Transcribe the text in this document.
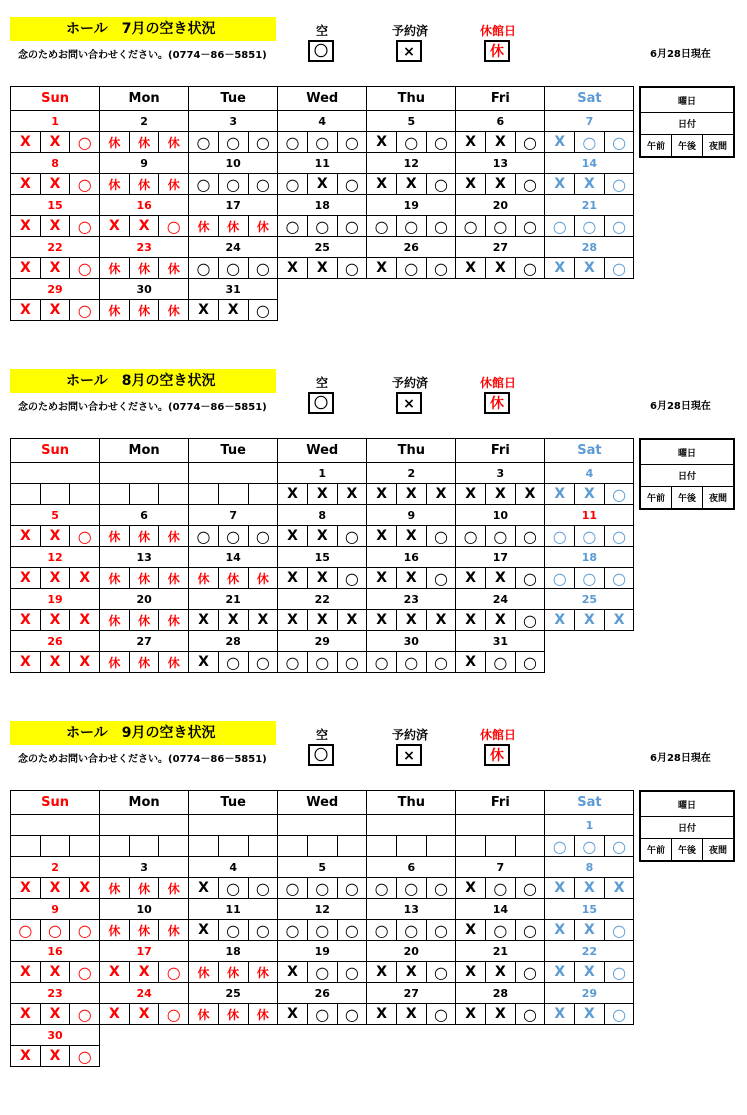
ホール　7月の空き状況
念のためお問い合わせください。(0774－86－5851)
空
〇
予約済
×
休館日
休	6月28日現在
Sun			Mon			Tue			Wed			Thu			Fri			Sat		
1			2			3			4			5			6			7		
X	X	○	休	休	休	○	○	○	○	○	○	X	○	○	X	X	○	X	○	○
8			9			10			11			12			13			14		
X	X	○	休	休	休	○	○	○	○	X	○	X	X	○	X	X	○	X	X	○
15			16			17			18			19			20			21		
X	X	○	X	X	○	休	休	休	○	○	○	○	○	○	○	○	○	○	○	○
22			23			24			25			26			27			28		
X	X	○	休	休	休	○	○	○	X	X	○	X	○	○	X	X	○	X	X	○
29			30			31														
X	X	○	休	休	休	X	X	○												
曜日
日付
午前	午後	夜間
ホール　8月の空き状況
念のためお問い合わせください。(0774－86－5851)
空
〇
予約済
×
休館日
休	6月28日現在
Sun			Mon			Tue			Wed			Thu			Fri			Sat		
									1			2			3			4		
									X	X	X	X	X	X	X	X	X	X	X	○
5			6			7			8			9			10			11		
X	X	○	休	休	休	○	○	○	X	X	○	X	X	○	○	○	○	○	○	○
12			13			14			15			16			17			18		
X	X	X	休	休	休	休	休	休	X	X	○	X	X	○	X	X	○	○	○	○
19			20			21			22			23			24			25		
X	X	X	休	休	休	X	X	X	X	X	X	X	X	X	X	X	○	X	X	X
26			27			28			29			30			31					
X	X	X	休	休	休	X	○	○	○	○	○	○	○	○	X	○	○			
曜日
日付
午前	午後	夜間
ホール　9月の空き状況
念のためお問い合わせください。(0774－86－5851)
空
〇
予約済
×
休館日
休	6月28日現在
Sun			Mon			Tue			Wed			Thu			Fri			Sat		
																		1		
																		○	○	○
2			3			4			5			6			7			8		
X	X	X	休	休	休	X	○	○	○	○	○	○	○	○	X	○	○	X	X	X
9			10			11			12			13			14			15		
○	○	○	休	休	休	X	○	○	○	○	○	○	○	○	X	○	○	X	X	○
16			17			18			19			20			21			22		
X	X	○	X	X	○	休	休	休	X	○	○	X	X	○	X	X	○	X	X	○
23			24			25			26			27			28			29		
X	X	○	X	X	○	休	休	休	X	○	○	X	X	○	X	X	○	X	X	○
30																				
X	X	○																		
曜日
日付
午前	午後	夜間
